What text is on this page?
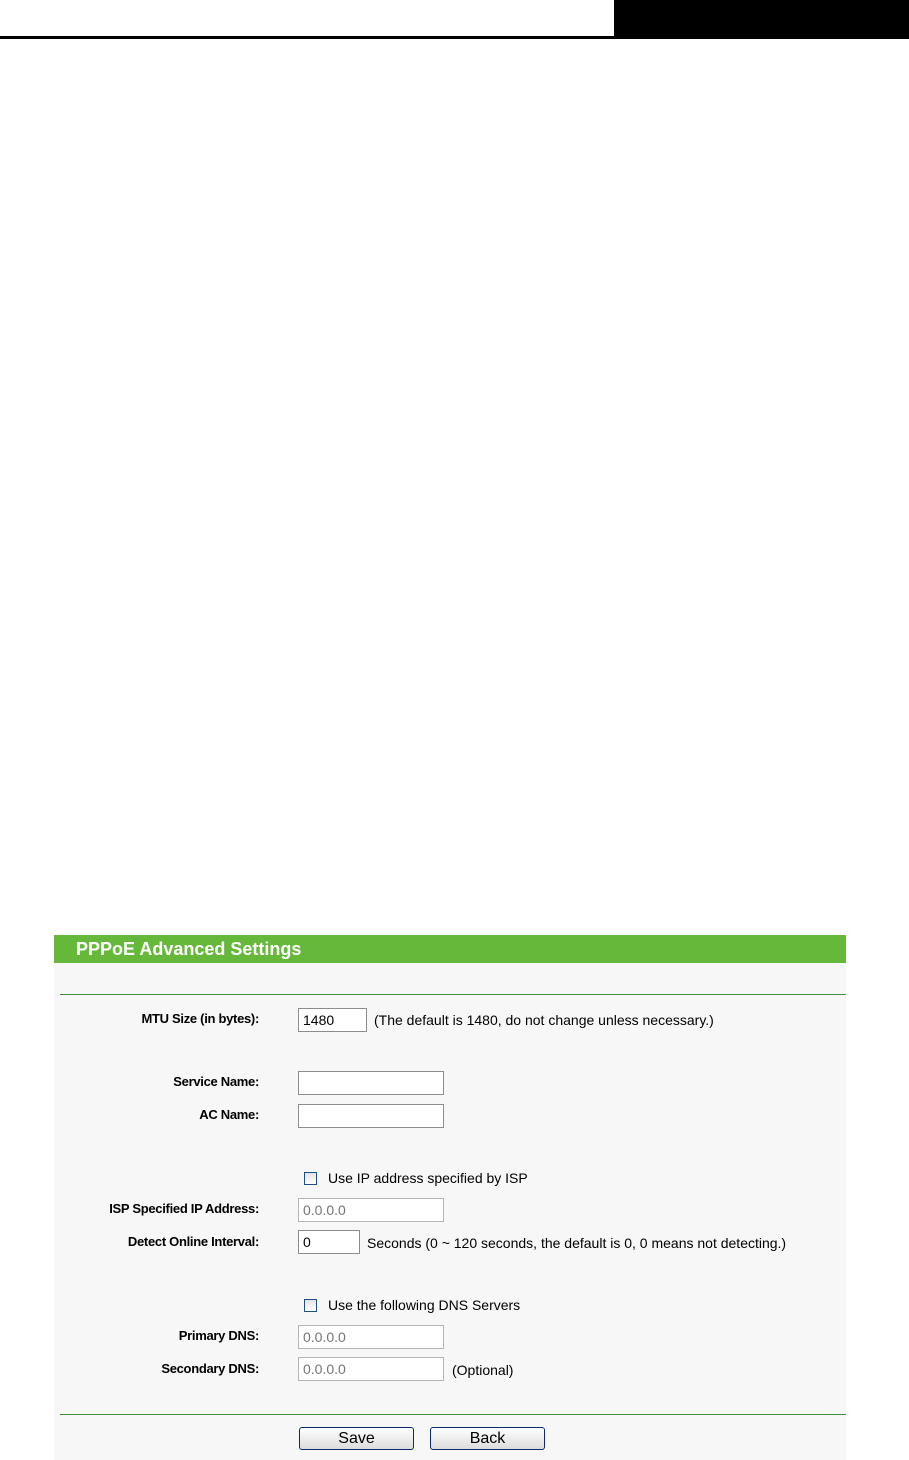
PPPoE Advanced Settings
MTU Size (in bytes):
1480	(The default is 1480, do not change unless necessary.)
Service Name:
AC Name:
Use IP address specified by ISP
ISP Specified IP Address:
0.0.0.0
Detect Online Interval:
0	Seconds (0 ~ 120 seconds, the default is 0, 0 means not detecting.)
Use the following DNS Servers
Primary DNS:
0.0.0.0
Secondary DNS:
0.0.0.0	(Optional)
Save	Back
